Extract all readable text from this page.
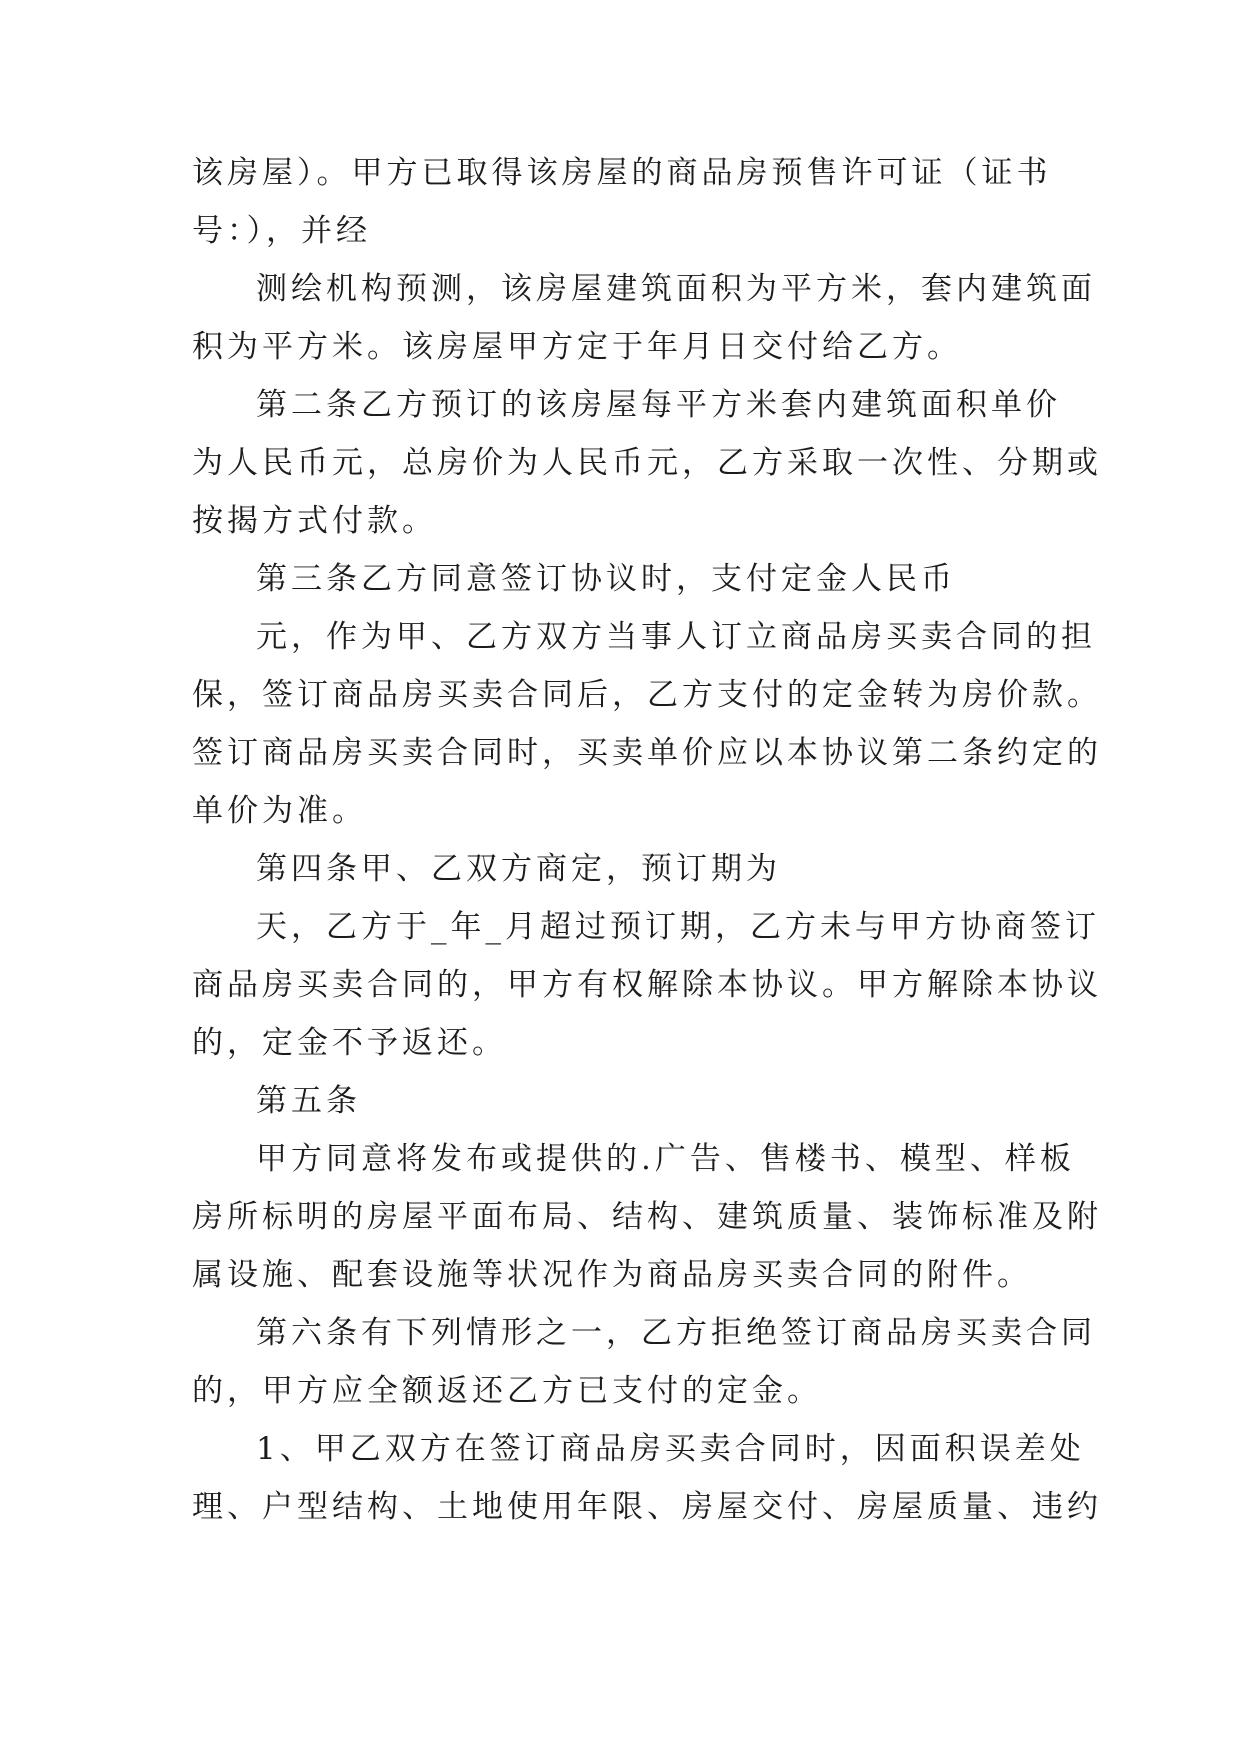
该房屋）。甲方已取得该房屋的商品房预售许可证（证书
号：），并经
测绘机构预测，该房屋建筑面积为平方米，套内建筑面
积为平方米。该房屋甲方定于年月日交付给乙方。
第二条乙方预订的该房屋每平方米套内建筑面积单价
为人民币元，总房价为人民币元，乙方采取一次性、分期或
按揭方式付款。
第三条乙方同意签订协议时，支付定金人民币
元，作为甲、乙方双方当事人订立商品房买卖合同的担
保，签订商品房买卖合同后，乙方支付的定金转为房价款。
签订商品房买卖合同时，买卖单价应以本协议第二条约定的
单价为准。
第四条甲、乙双方商定，预订期为
天，乙方于_年_月超过预订期，乙方未与甲方协商签订
商品房买卖合同的，甲方有权解除本协议。甲方解除本协议
的，定金不予返还。
第五条
甲方同意将发布或提供的.广告、售楼书、模型、样板
房所标明的房屋平面布局、结构、建筑质量、装饰标准及附
属设施、配套设施等状况作为商品房买卖合同的附件。
第六条有下列情形之一，乙方拒绝签订商品房买卖合同
的，甲方应全额返还乙方已支付的定金。
1、甲乙双方在签订商品房买卖合同时，因面积误差处
理、户型结构、土地使用年限、房屋交付、房屋质量、违约
